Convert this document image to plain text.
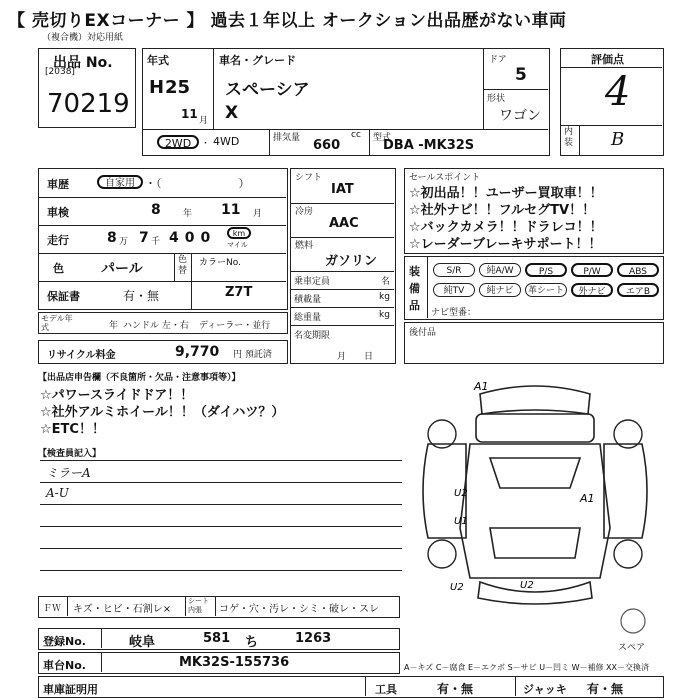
【 売切りEXコーナー 】 過去１年以上 オークション出品歴がない車両
（複合機）対応用紙
出品 No.
[2038]
70219
年式
H 25
11 月
車名・グレード
スペーシア
X
ドア
5
形状
ワゴン
2WD	・ 4WD	排気量	cc
660	型式
DBA -MK32S
評価点
4
内装 B
車歴	自家用 ・（　　　　　　　）
車検	8 年 11 月
走行	8 万 7 千 400	km
マイル
色	パール
色替
カラーNo.
Z7T
保証書	有・無
モデル年式	年 ハンドル 左・右 ディーラー・並行
リサイクル料金	9,770 円 預託済
シフト
IAT
冷房
AAC
燃料
ガソリン
乗車定員	名
積載量	kg
総重量	kg
名変期限
月　　日
セールスポイント
☆初出品！！ユーザー買取車！！
☆社外ナビ！！フルセグTV！！
☆バックカメラ！！ドラレコ！！
☆レーダーブレーキサポート！！
装備品
S/R	純A/W	P/S	P/W	ABS
純TV	純ナビ	革シート	外ナビ	エアB
ナビ型番：
後付品
【出品店申告欄（不良箇所・欠品・注意事項等）】
☆パワースライドドア！！
☆社外アルミホイール！！（ダイハツ？）
☆ETC！！
【検査員記入】
ミラーA
A-U
ＦＷ キズ・ヒビ・石割レ×
シート内張	コゲ・穴・汚レ・シミ・破レ・スレ
登録No.	岐阜	581 ち	1263
車台No.	MK32S-155736
車庫証明用	工具	有・無	ジャッキ 有・無
A1
U2
U1
A1
U2	U2
スペア
A－キズ C－腐食 E－エクボ S－サビ U－凹ミ W－補修 XX－交換済
